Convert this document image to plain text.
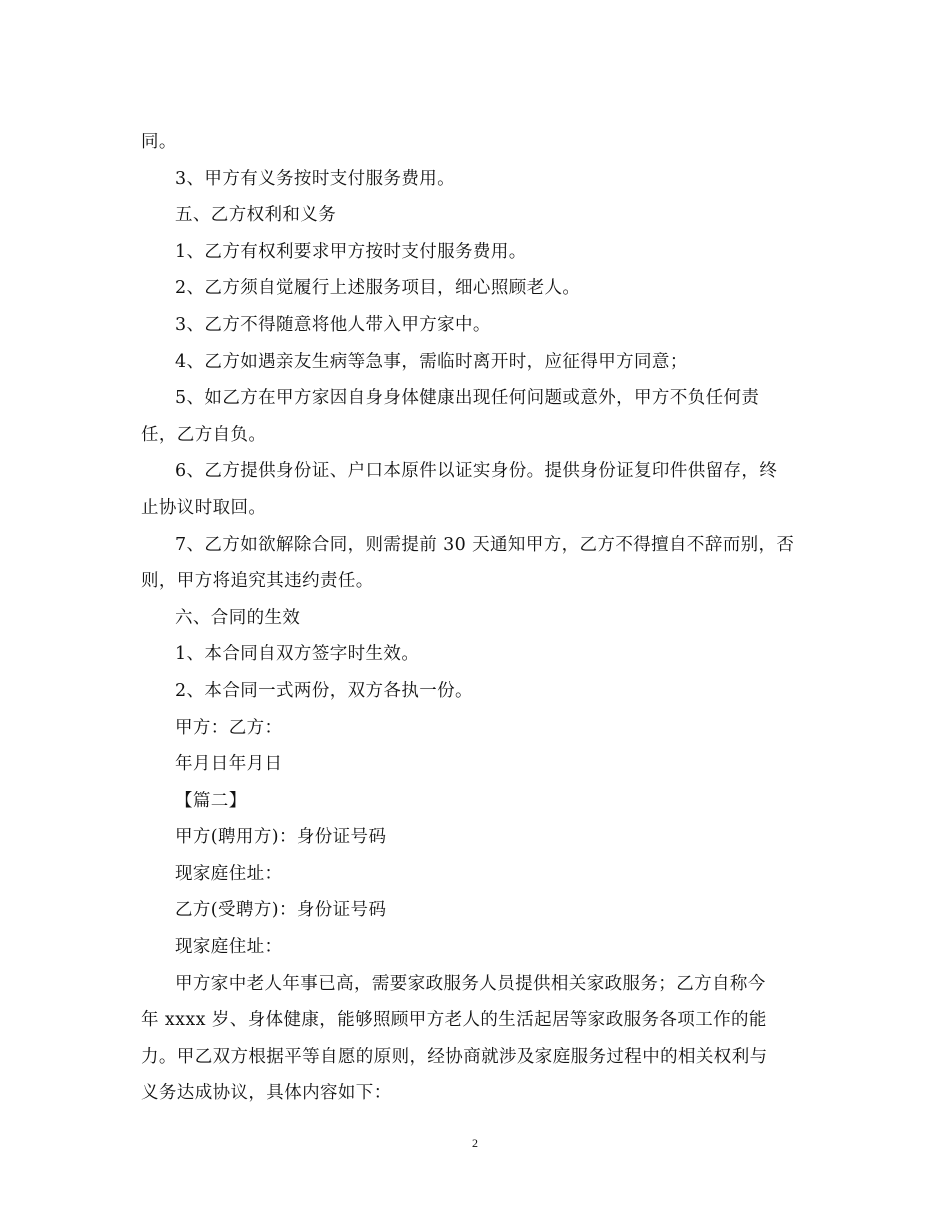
同。
3、甲方有义务按时支付服务费用。
五、乙方权利和义务
1、乙方有权利要求甲方按时支付服务费用。
2、乙方须自觉履行上述服务项目，细心照顾老人。
3、乙方不得随意将他人带入甲方家中。
4、乙方如遇亲友生病等急事，需临时离开时，应征得甲方同意；
5、如乙方在甲方家因自身身体健康出现任何问题或意外，甲方不负任何责
任，乙方自负。
6、乙方提供身份证、户口本原件以证实身份。提供身份证复印件供留存，终
止协议时取回。
7、乙方如欲解除合同，则需提前 30 天通知甲方，乙方不得擅自不辞而别，否
则，甲方将追究其违约责任。
六、合同的生效
1、本合同自双方签字时生效。
2、本合同一式两份，双方各执一份。
甲方：乙方：
年月日年月日
【篇二】
甲方(聘用方)：身份证号码
现家庭住址：
乙方(受聘方)：身份证号码
现家庭住址：
甲方家中老人年事已高，需要家政服务人员提供相关家政服务；乙方自称今
年 xxxx 岁、身体健康，能够照顾甲方老人的生活起居等家政服务各项工作的能
力。甲乙双方根据平等自愿的原则，经协商就涉及家庭服务过程中的相关权利与
义务达成协议，具体内容如下：
2
